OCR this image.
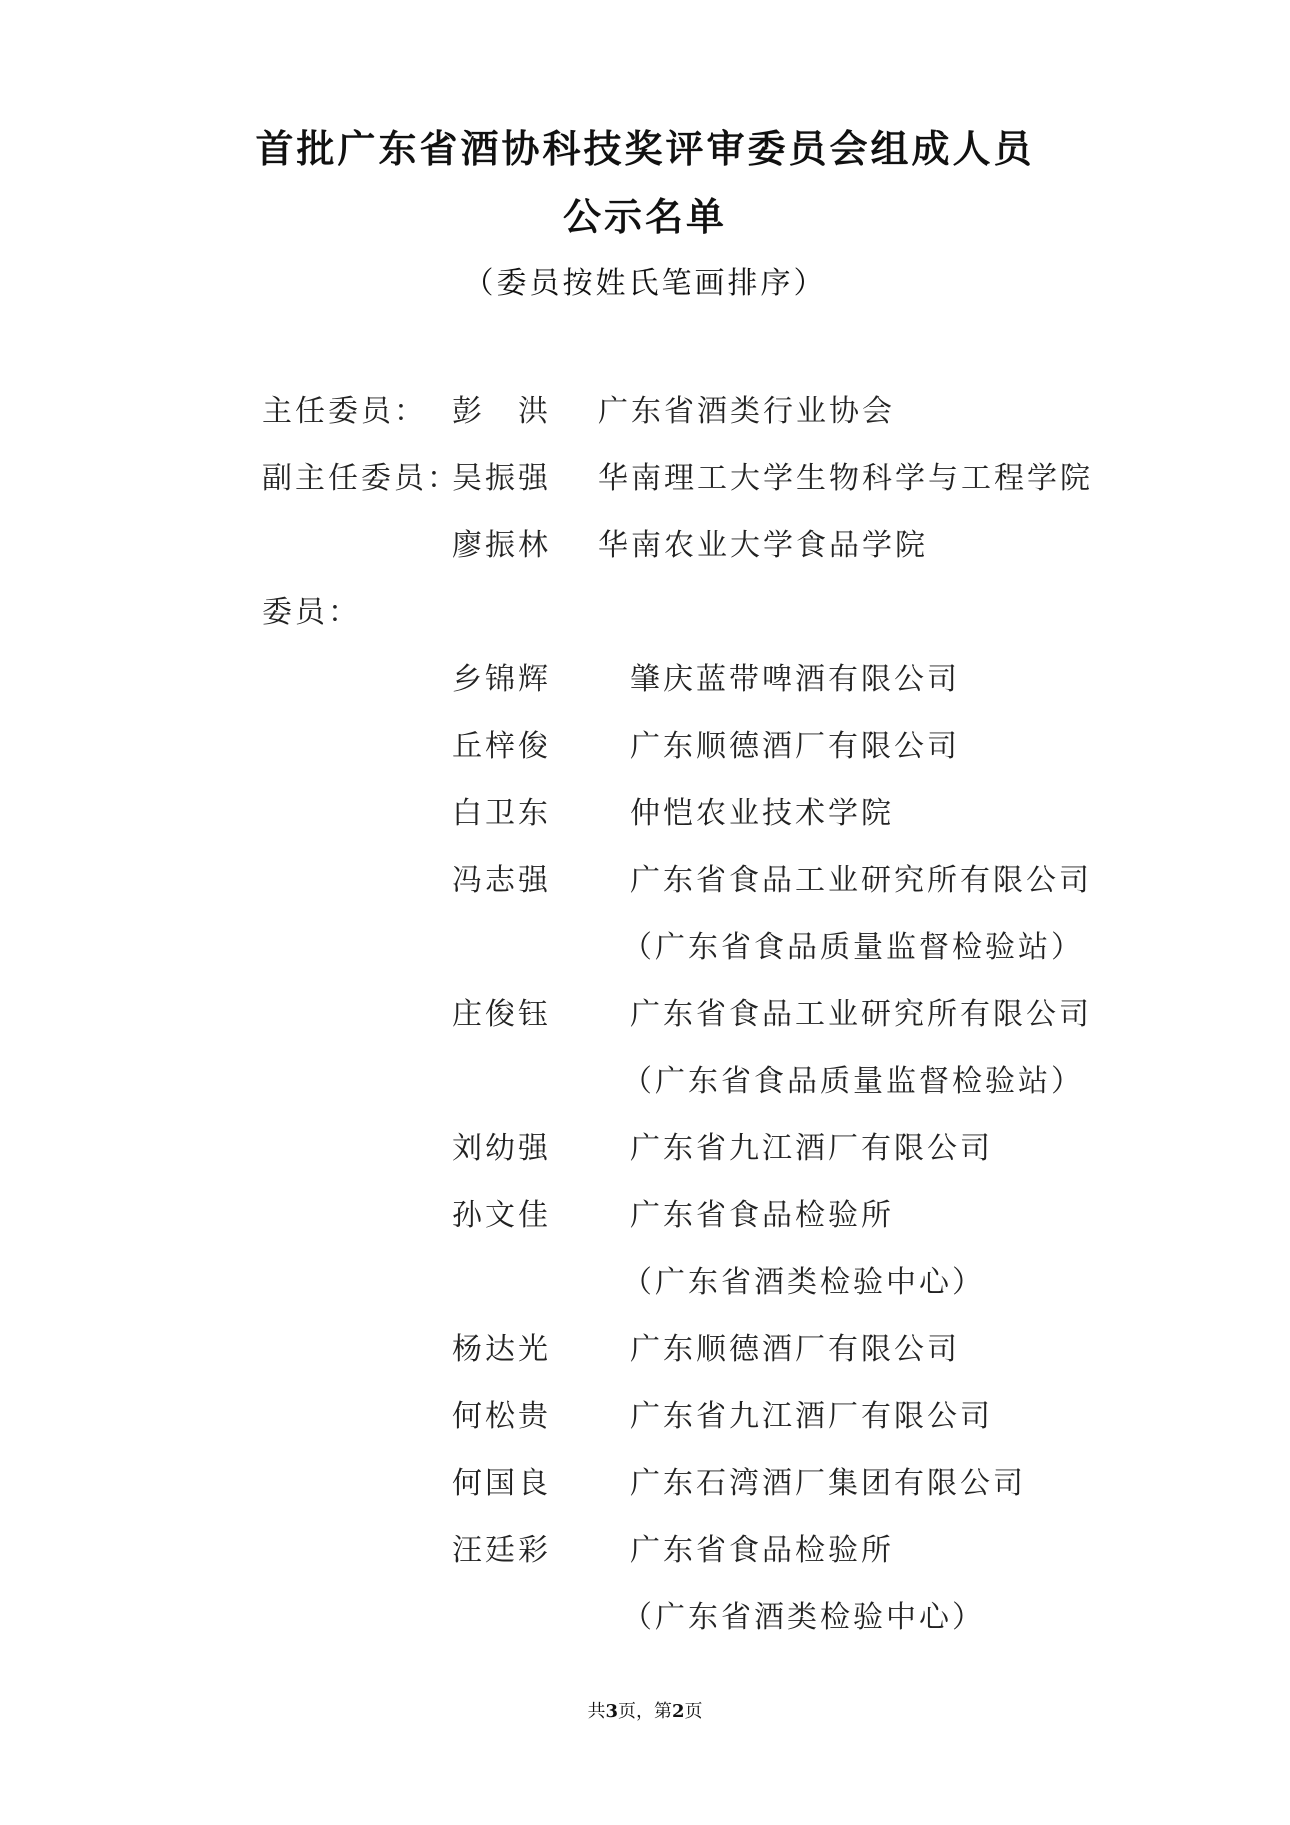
首批广东省酒协科技奖评审委员会组成人员
公示名单
（委员按姓氏笔画排序）
主任委员： 彭　洪 广东省酒类行业协会
副主任委员：
吴振强 华南理工大学生物科学与工程学院
廖振林 华南农业大学食品学院
委员：
乡锦辉	肇庆蓝带啤酒有限公司
丘梓俊	广东顺德酒厂有限公司
白卫东	仲恺农业技术学院
冯志强	广东省食品工业研究所有限公司
（广东省食品质量监督检验站）
庄俊钰	广东省食品工业研究所有限公司
（广东省食品质量监督检验站）
刘幼强	广东省九江酒厂有限公司
孙文佳	广东省食品检验所
（广东省酒类检验中心）
杨达光	广东顺德酒厂有限公司
何松贵	广东省九江酒厂有限公司
何国良	广东石湾酒厂集团有限公司
汪廷彩	广东省食品检验所
（广东省酒类检验中心）
共3页，第2页
